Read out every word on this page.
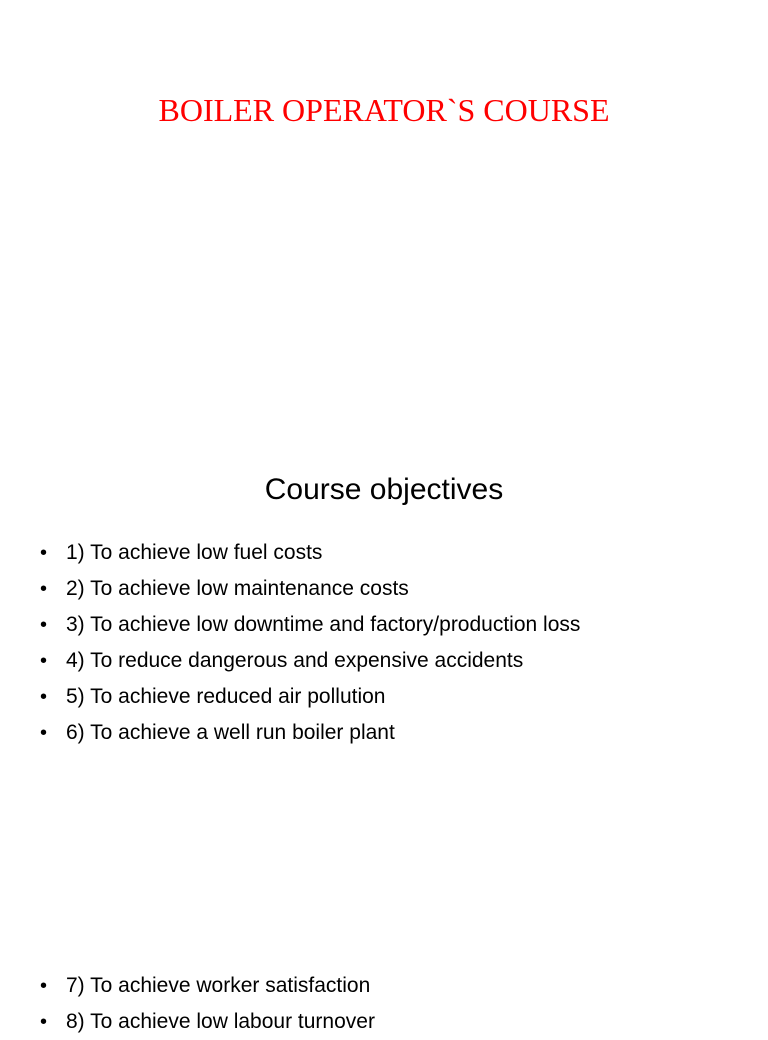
BOILER OPERATOR`S COURSE
Course objectives
• 1) To achieve low fuel costs
• 2) To achieve low maintenance costs
• 3) To achieve low downtime and factory/production loss
• 4) To reduce dangerous and expensive accidents
• 5) To achieve reduced air pollution
• 6) To achieve a well run boiler plant
• 7) To achieve worker satisfaction
• 8) To achieve low labour turnover
